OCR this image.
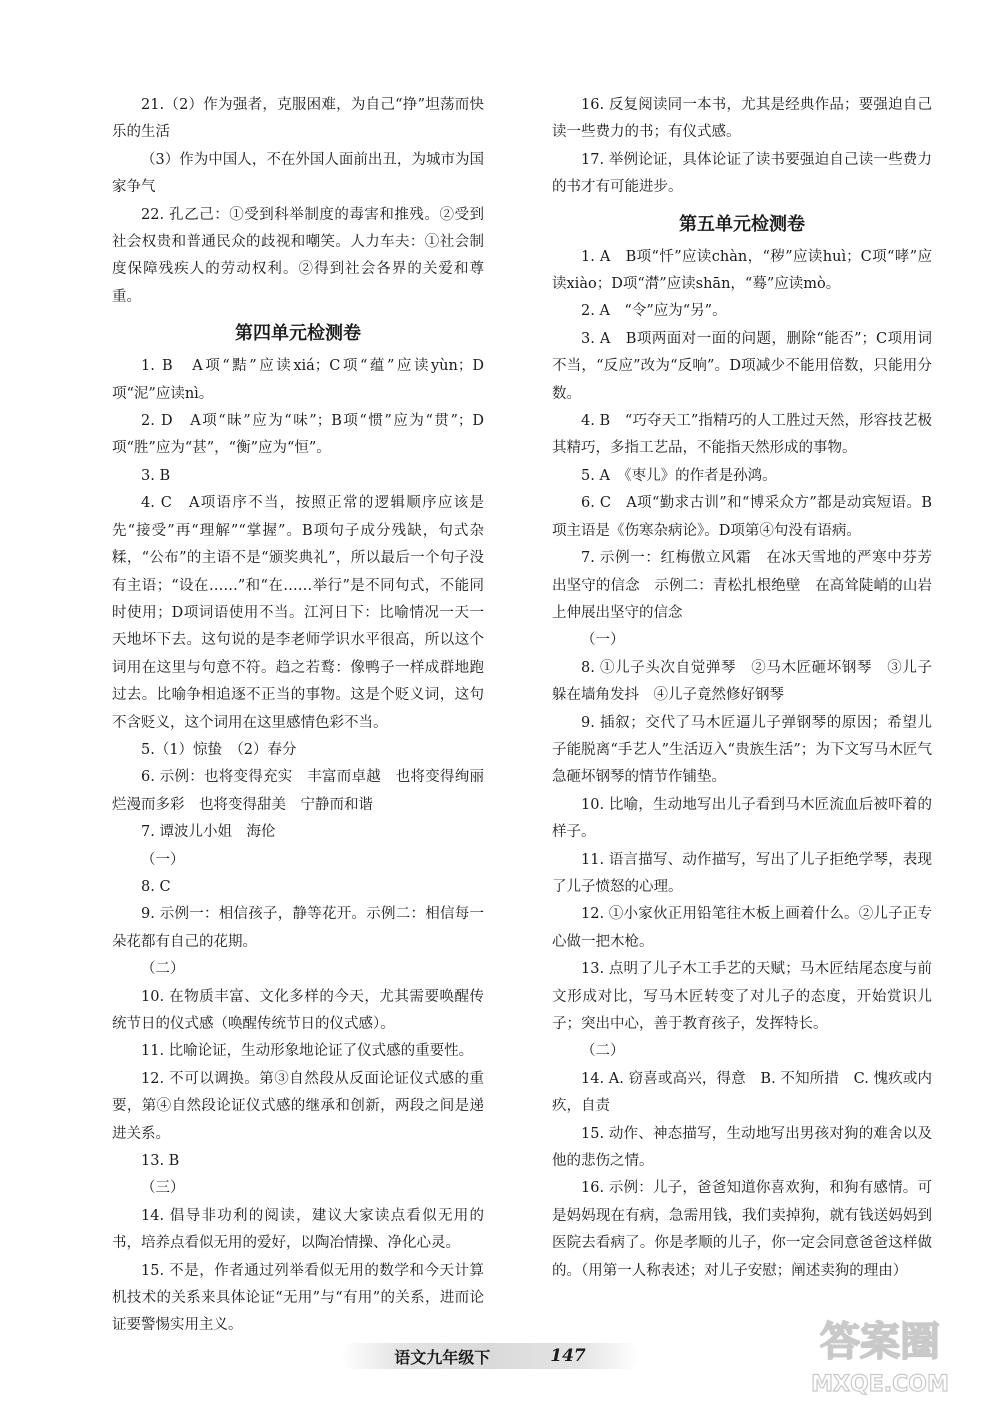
21.（2）作为强者，克服困难，为自己“挣”坦荡而快乐的生活

（3）作为中国人，不在外国人面前出丑，为城市为国家争气

22. 孔乙己：①受到科举制度的毒害和推残。②受到社会权贵和普通民众的歧视和嘲笑。人力车夫：①社会制度保障残疾人的劳动权利。②得到社会各界的关爱和尊重。

第四单元检测卷

1. B　A项“黠”应读xiá；C项“蕴”应读yùn；D项“泥”应读nì。

2. D　A项“昧”应为“味”；B项“惯”应为“贯”；D项“胜”应为“甚”，“衡”应为“恒”。

3. B

4. C　A项语序不当，按照正常的逻辑顺序应该是先“接受”再“理解”“掌握”。B项句子成分残缺，句式杂糅，“公布”的主语不是“颁奖典礼”，所以最后一个句子没有主语；“设在……”和“在……举行”是不同句式，不能同时使用；D项词语使用不当。江河日下：比喻情况一天一天地坏下去。这句说的是李老师学识水平很高，所以这个词用在这里与句意不符。趋之若鹜：像鸭子一样成群地跑过去。比喻争相追逐不正当的事物。这是个贬义词，这句不含贬义，这个词用在这里感情色彩不当。

5.（1）惊蛰　（2）春分

6. 示例：也将变得充实　丰富而卓越　也将变得绚丽　烂漫而多彩　也将变得甜美　宁静而和谐

7. 谭波儿小姐　海伦

（一）

8. C

9. 示例一：相信孩子，静等花开。示例二：相信每一朵花都有自己的花期。

（二）

10. 在物质丰富、文化多样的今天，尤其需要唤醒传统节日的仪式感（唤醒传统节日的仪式感）。

11. 比喻论证，生动形象地论证了仪式感的重要性。

12. 不可以调换。第③自然段从反面论证仪式感的重要，第④自然段论证仪式感的继承和创新，两段之间是递进关系。

13. B

（三）

14. 倡导非功利的阅读，建议大家读点看似无用的书，培养点看似无用的爱好，以陶冶情操、净化心灵。

15. 不是，作者通过列举看似无用的数学和今天计算机技术的关系来具体论证“无用”与“有用”的关系，进而论证要警惕实用主义。

16. 反复阅读同一本书，尤其是经典作品；要强迫自己读一些费力的书；有仪式感。

17. 举例论证，具体论证了读书要强迫自己读一些费力的书才有可能进步。

第五单元检测卷

1. A　B项“忏”应读chàn，“秽”应读huì；C项“哮”应读xiào；D项“潸”应读shān，“蓦”应读mò。

2. A　“令”应为“另”。

3. A　B项两面对一面的问题，删除“能否”；C项用词不当，“反应”改为“反响”。D项减少不能用倍数，只能用分数。

4. B　“巧夺天工”指精巧的人工胜过天然，形容技艺极其精巧，多指工艺品，不能指天然形成的事物。

5. A　《枣儿》的作者是孙鸿。

6. C　A项“勤求古训”和“博采众方”都是动宾短语。B项主语是《伤寒杂病论》。D项第④句没有语病。

7. 示例一：红梅傲立风霜　在冰天雪地的严寒中芬芳出坚守的信念　示例二：青松扎根绝壁　在高耸陡峭的山岩上伸展出坚守的信念

（一）

8. ①儿子头次自觉弹琴　②马木匠砸坏钢琴　③儿子躲在墙角发抖　④儿子竟然修好钢琴

9. 插叙；交代了马木匠逼儿子弹钢琴的原因；希望儿子能脱离“手艺人”生活迈入“贵族生活”；为下文写马木匠气急砸坏钢琴的情节作铺垫。

10. 比喻，生动地写出儿子看到马木匠流血后被吓着的样子。

11. 语言描写、动作描写，写出了儿子拒绝学琴，表现了儿子愤怒的心理。

12. ①小家伙正用铅笔往木板上画着什么。②儿子正专心做一把木枪。

13. 点明了儿子木工手艺的天赋；马木匠结尾态度与前文形成对比，写马木匠转变了对儿子的态度，开始赏识儿子；突出中心，善于教育孩子，发挥特长。

（二）

14. A. 窃喜或高兴，得意　B. 不知所措　C. 愧疚或内疚，自责

15. 动作、神态描写，生动地写出男孩对狗的难舍以及他的悲伤之情。

16. 示例：儿子，爸爸知道你喜欢狗，和狗有感情。可是妈妈现在有病，急需用钱，我们卖掉狗，就有钱送妈妈到医院去看病了。你是孝顺的儿子，你一定会同意爸爸这样做的。（用第一人称表述；对儿子安慰；阐述卖狗的理由）

语文九年级下	147	答案圈
MXQE.COM
